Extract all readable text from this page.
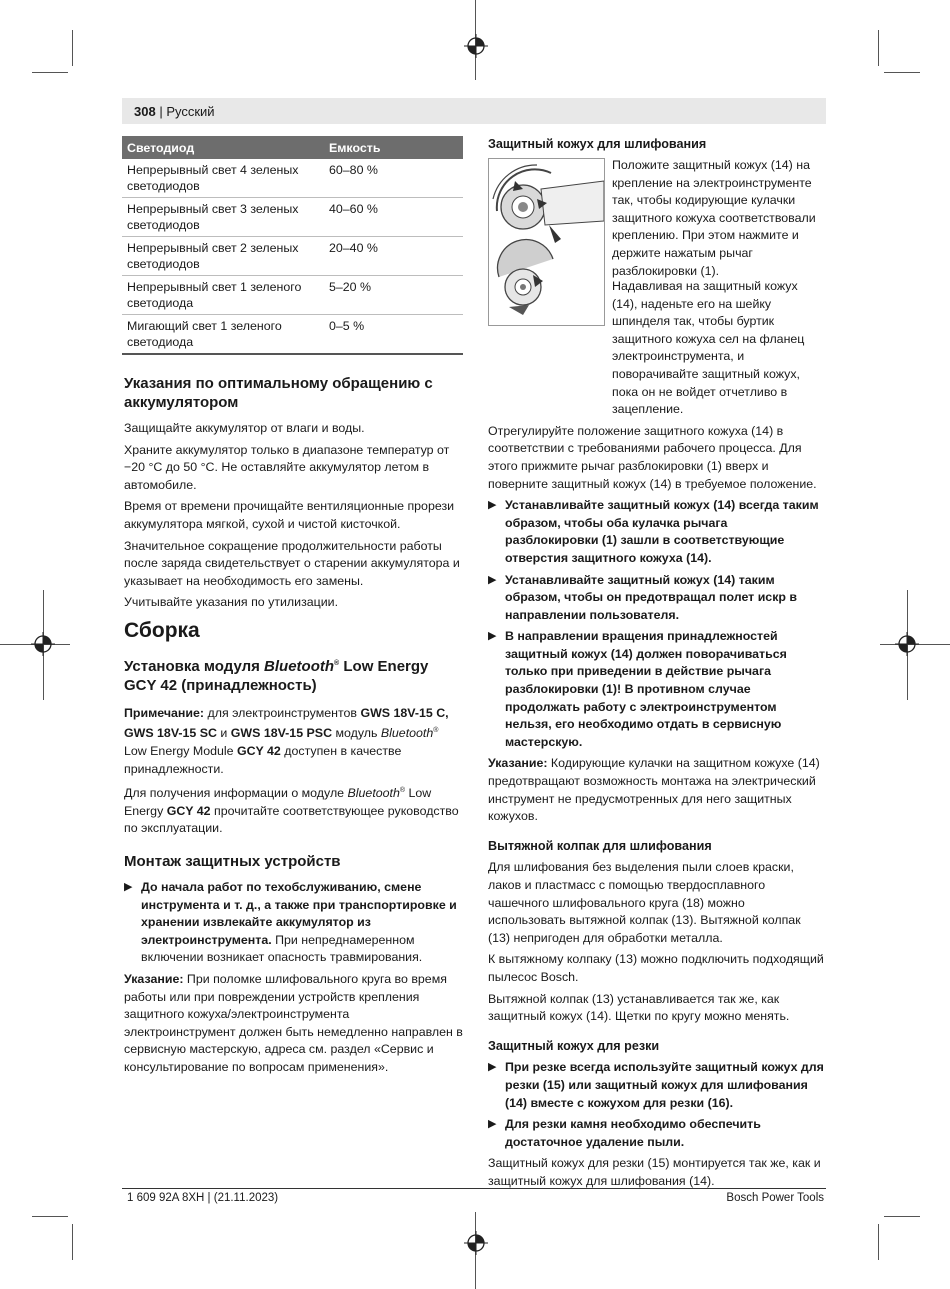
308 | Русский
Светодиод	Емкость
Непрерывный свет 4 зеленых светодиодов	60–80 %
Непрерывный свет 3 зеленых светодиодов	40–60 %
Непрерывный свет 2 зеленых светодиодов	20–40 %
Непрерывный свет 1 зеленого светодиода	5–20 %
Мигающий свет 1 зеленого светодиода	0–5 %
Указания по оптимальному обращению с аккумулятором

Защищайте аккумулятор от влаги и воды.

Храните аккумулятор только в диапазоне температур от −20 °C до 50 °C. Не оставляйте аккумулятор летом в автомобиле.

Время от времени прочищайте вентиляционные прорези аккумулятора мягкой, сухой и чистой кисточкой.

Значительное сокращение продолжительности работы после заряда свидетельствует о старении аккумулятора и указывает на необходимость его замены.

Учитывайте указания по утилизации.

Сборка
Установка модуля Bluetooth® Low Energy GCY 42 (принадлежность)

Примечание: для электроинструментов GWS 18V-15 C, GWS 18V-15 SC и GWS 18V-15 PSC модуль Bluetooth® Low Energy Module GCY 42 доступен в качестве принадлежности.

Для получения информации о модуле Bluetooth® Low Energy GCY 42 прочитайте соответствующее руководство по эксплуатации.

Монтаж защитных устройств
▶ До начала работ по техобслуживанию, смене инструмента и т. д., а также при транспортировке и хранении извлекайте аккумулятор из электроинструмента. При непреднамеренном включении возникает опасность травмирования.

Указание: При поломке шлифовального круга во время работы или при повреждении устройств крепления защитного кожуха/электроинструмента электроинструмент должен быть немедленно направлен в сервисную мастерскую, адреса см. раздел «Сервис и консультирование по вопросам применения».

Защитный кожух для шлифования

Положите защитный кожух (14) на крепление на электроинструменте так, чтобы кодирующие кулачки защитного кожуха соответствовали креплению. При этом нажмите и держите нажатым рычаг разблокировки (1).

Надавливая на защитный кожух (14), наденьте его на шейку шпинделя так, чтобы буртик защитного кожуха сел на фланец электроинструмента, и поворачивайте защитный кожух, пока он не войдет отчетливо в зацепление.

Отрегулируйте положение защитного кожуха (14) в соответствии с требованиями рабочего процесса. Для этого прижмите рычаг разблокировки (1) вверх и поверните защитный кожух (14) в требуемое положение.

▶ Устанавливайте защитный кожух (14) всегда таким образом, чтобы оба кулачка рычага разблокировки (1) зашли в соответствующие отверстия защитного кожуха (14).
▶ Устанавливайте защитный кожух (14) таким образом, чтобы он предотвращал полет искр в направлении пользователя.
▶ В направлении вращения принадлежностей защитный кожух (14) должен поворачиваться только при приведении в действие рычага разблокировки (1)! В противном случае продолжать работу с электроинструментом нельзя, его необходимо отдать в сервисную мастерскую.

Указание: Кодирующие кулачки на защитном кожухе (14) предотвращают возможность монтажа на электрический инструмент не предусмотренных для него защитных кожухов.

Вытяжной колпак для шлифования

Для шлифования без выделения пыли слоев краски, лаков и пластмасс с помощью твердосплавного чашечного шлифовального круга (18) можно использовать вытяжной колпак (13). Вытяжной колпак (13) непригоден для обработки металла.

К вытяжному колпаку (13) можно подключить подходящий пылесос Bosch.

Вытяжной колпак (13) устанавливается так же, как защитный кожух (14). Щетки по кругу можно менять.

Защитный кожух для резки
▶ При резке всегда используйте защитный кожух для резки (15) или защитный кожух для шлифования (14) вместе с кожухом для резки (16).
▶ Для резки камня необходимо обеспечить достаточное удаление пыли.

Защитный кожух для резки (15) монтируется так же, как и защитный кожух для шлифования (14).

1 609 92A 8XH | (21.11.2023)	Bosch Power Tools
